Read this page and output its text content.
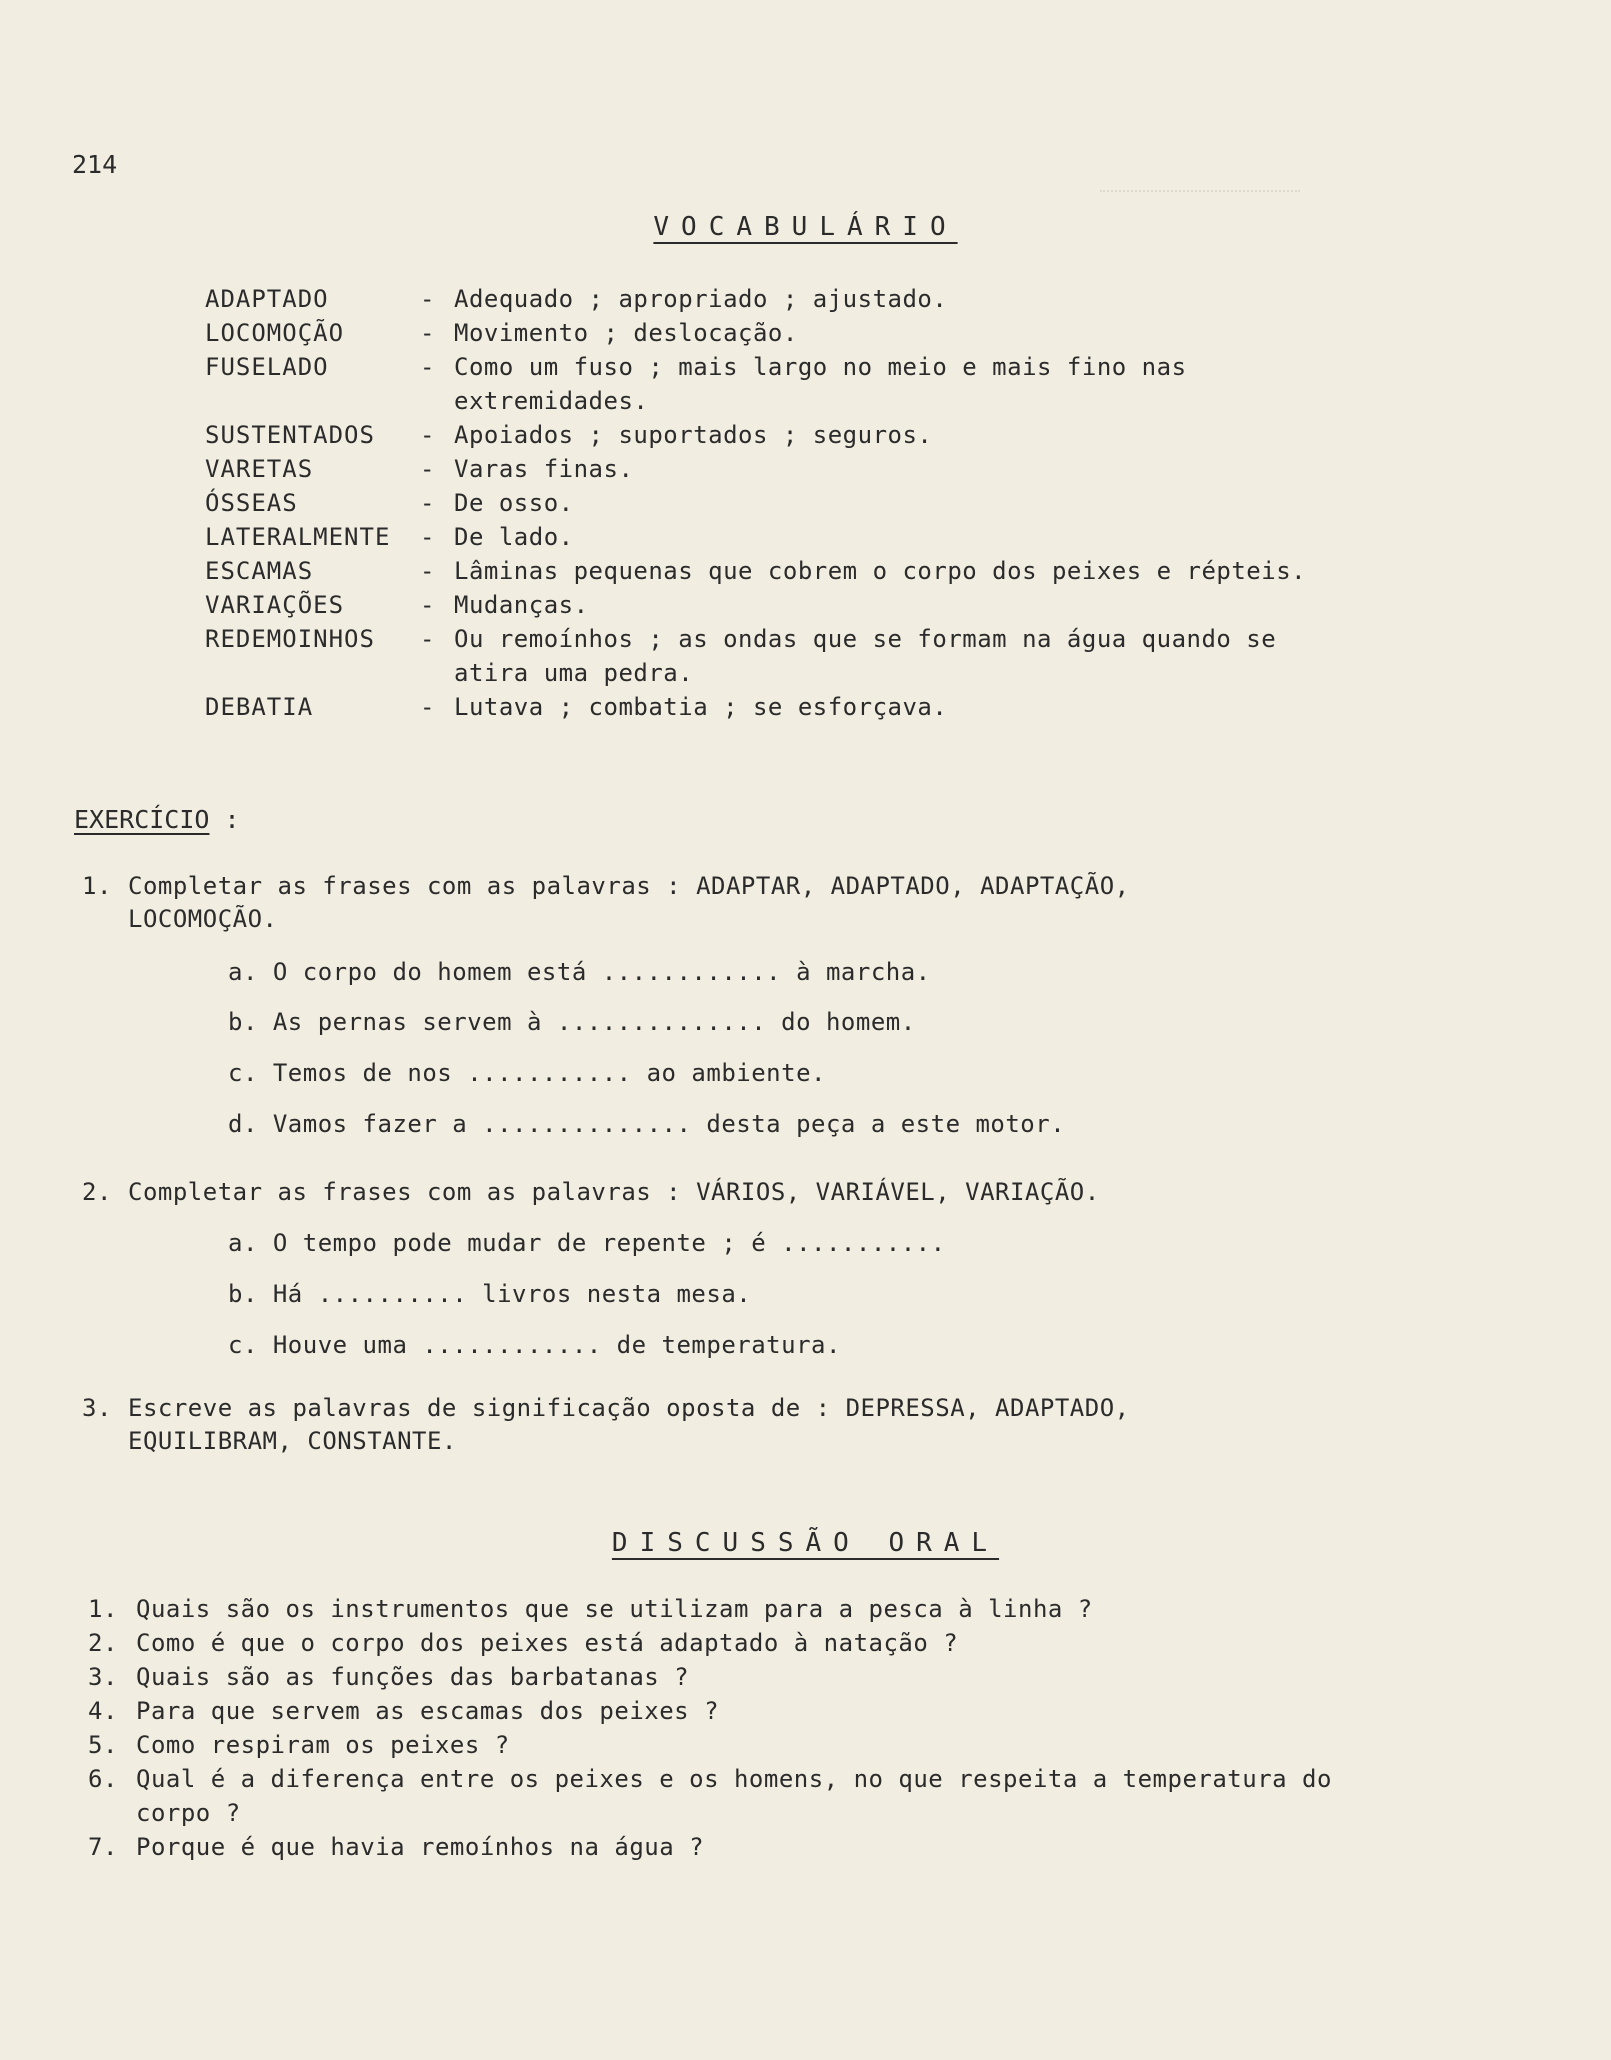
214
VOCABULÁRIO
ADAPTADO	- Adequado ; apropriado ; ajustado.
LOCOMOÇÃO	- Movimento ; deslocação.
FUSELADO	- Como um fuso ; mais largo no meio e mais fino nas extremidades.
SUSTENTADOS	- Apoiados ; suportados ; seguros.
VARETAS	- Varas finas.
ÓSSEAS	- De osso.
LATERALMENTE	- De lado.
ESCAMAS	- Lâminas pequenas que cobrem o corpo dos peixes e répteis.
VARIAÇÕES	- Mudanças.
REDEMOINHOS	- Ou remoínhos ; as ondas que se formam na água quando se atira uma pedra.
DEBATIA	- Lutava ; combatia ; se esforçava.
EXERCÍCIO :
1. Completar as frases com as palavras : ADAPTAR, ADAPTADO, ADAPTAÇÃO,
LOCOMOÇÃO.
a. O corpo do homem está ............ à marcha.
b. As pernas servem à .............. do homem.
c. Temos de nos ........... ao ambiente.
d. Vamos fazer a .............. desta peça a este motor.
2. Completar as frases com as palavras : VÁRIOS, VARIÁVEL, VARIAÇÃO.
a. O tempo pode mudar de repente ; é ...........
b. Há .......... livros nesta mesa.
c. Houve uma ............ de temperatura.
3. Escreve as palavras de significação oposta de : DEPRESSA, ADAPTADO,
EQUILIBRAM, CONSTANTE.
DISCUSSÃO ORAL
1. Quais são os instrumentos que se utilizam para a pesca à linha ?
2. Como é que o corpo dos peixes está adaptado à natação ?
3. Quais são as funções das barbatanas ?
4. Para que servem as escamas dos peixes ?
5. Como respiram os peixes ?
6. Qual é a diferença entre os peixes e os homens, no que respeita a temperatura do corpo ?
7. Porque é que havia remoínhos na água ?
